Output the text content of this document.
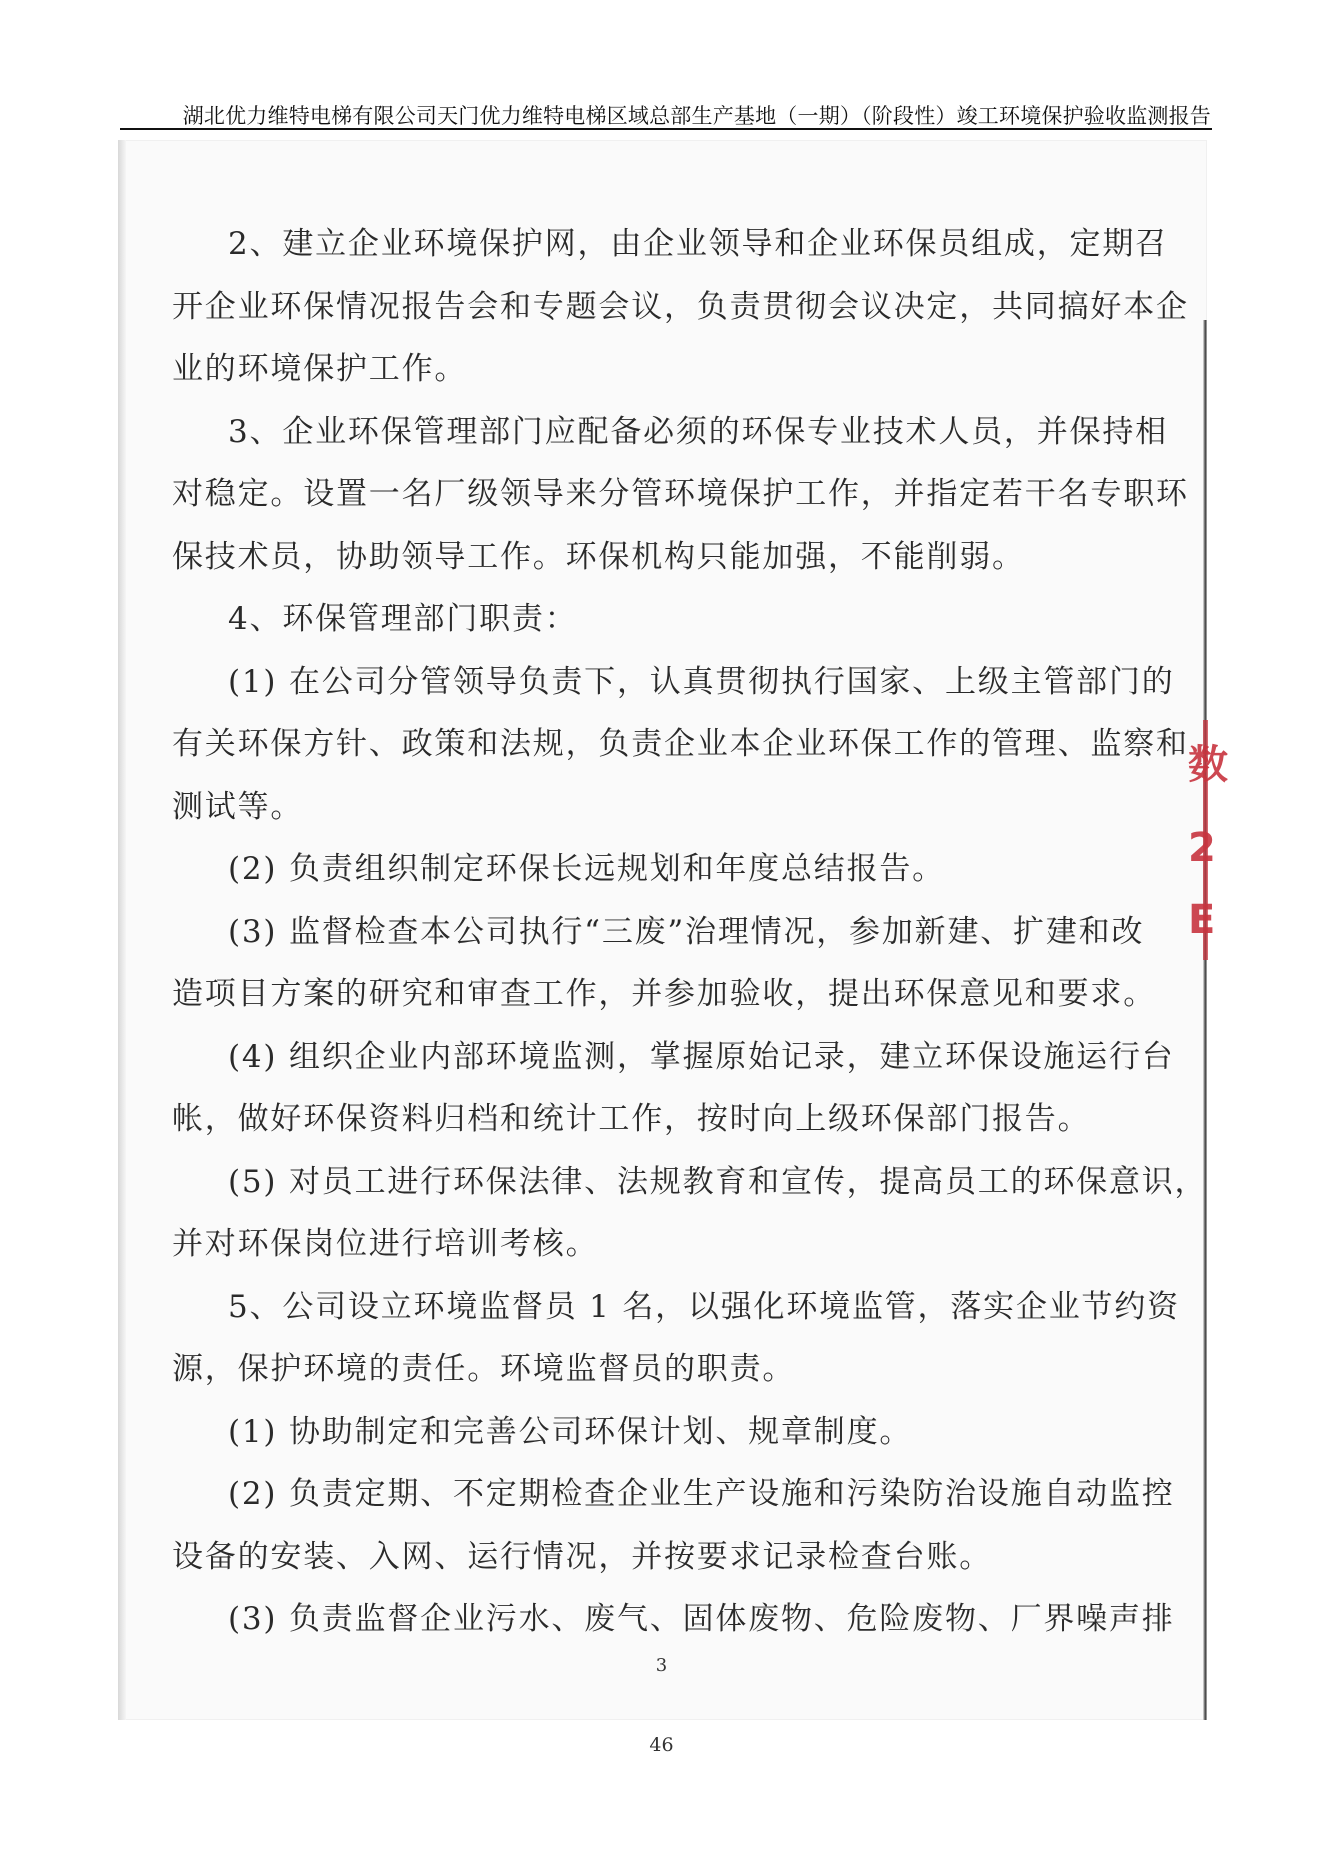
湖北优力维特电梯有限公司天门优力维特电梯区域总部生产基地（一期）（阶段性）竣工环境保护验收监测报告
数
2
E
2、建立企业环境保护网，由企业领导和企业环保员组成，定期召
开企业环保情况报告会和专题会议，负责贯彻会议决定，共同搞好本企
业的环境保护工作。
3、企业环保管理部门应配备必须的环保专业技术人员，并保持相
对稳定。设置一名厂级领导来分管环境保护工作，并指定若干名专职环
保技术员，协助领导工作。环保机构只能加强，不能削弱。
4、环保管理部门职责：
(1) 在公司分管领导负责下，认真贯彻执行国家、上级主管部门的
有关环保方针、政策和法规，负责企业本企业环保工作的管理、监察和
测试等。
(2) 负责组织制定环保长远规划和年度总结报告。
(3) 监督检查本公司执行“三废”治理情况，参加新建、扩建和改
造项目方案的研究和审查工作，并参加验收，提出环保意见和要求。
(4) 组织企业内部环境监测，掌握原始记录，建立环保设施运行台
帐，做好环保资料归档和统计工作，按时向上级环保部门报告。
(5) 对员工进行环保法律、法规教育和宣传，提高员工的环保意识，
并对环保岗位进行培训考核。
5、公司设立环境监督员 1 名，以强化环境监管，落实企业节约资
源，保护环境的责任。环境监督员的职责。
(1) 协助制定和完善公司环保计划、规章制度。
(2) 负责定期、不定期检查企业生产设施和污染防治设施自动监控
设备的安装、入网、运行情况，并按要求记录检查台账。
(3) 负责监督企业污水、废气、固体废物、危险废物、厂界噪声排
3
46
